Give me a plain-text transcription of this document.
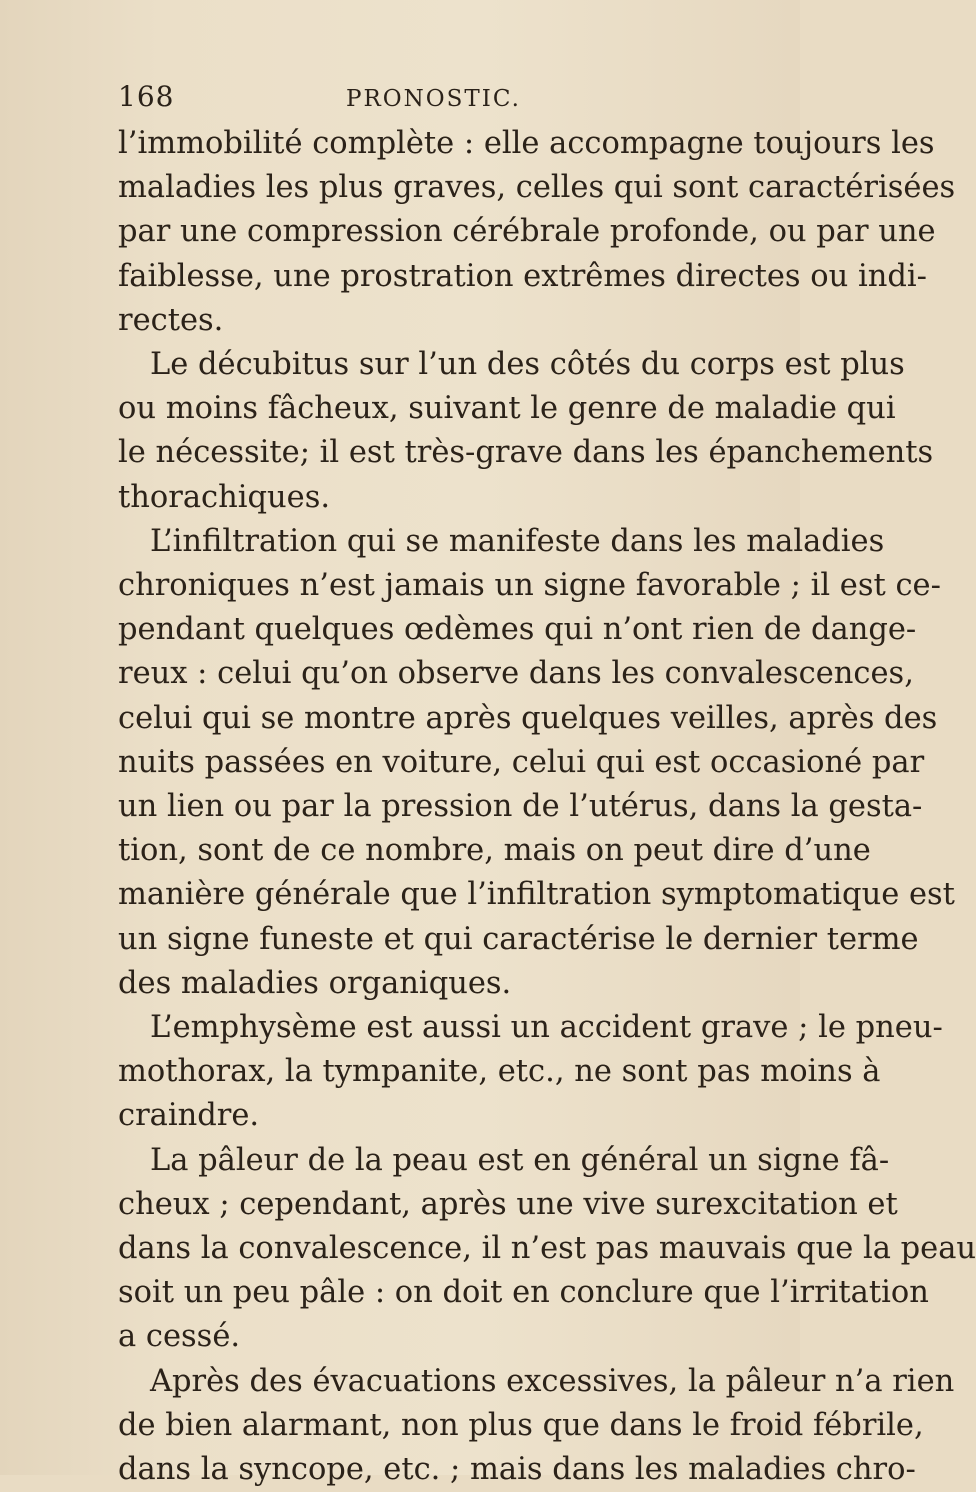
168	PRONOSTIC.
l’immobilité complète : elle accompagne toujours les
maladies les plus graves, celles qui sont caractérisées
par une compression cérébrale profonde, ou par une
faiblesse, une prostration extrêmes directes ou indi-
rectes.
Le décubitus sur l’un des côtés du corps est plus
ou moins fâcheux, suivant le genre de maladie qui
le nécessite; il est très-grave dans les épanchements
thorachiques.
L’infiltration qui se manifeste dans les maladies
chroniques n’est jamais un signe favorable ; il est ce-
pendant quelques œdèmes qui n’ont rien de dange-
reux : celui qu’on observe dans les convalescences,
celui qui se montre après quelques veilles, après des
nuits passées en voiture, celui qui est occasioné par
un lien ou par la pression de l’utérus, dans la gesta-
tion, sont de ce nombre, mais on peut dire d’une
manière générale que l’infiltration symptomatique est
un signe funeste et qui caractérise le dernier terme
des maladies organiques.
L’emphysème est aussi un accident grave ; le pneu-
mothorax, la tympanite, etc., ne sont pas moins à
craindre.
La pâleur de la peau est en général un signe fâ-
cheux ; cependant, après une vive surexcitation et
dans la convalescence, il n’est pas mauvais que la peau
soit un peu pâle : on doit en conclure que l’irritation
a cessé.
Après des évacuations excessives, la pâleur n’a rien
de bien alarmant, non plus que dans le froid fébrile,
dans la syncope, etc. ; mais dans les maladies chro-
